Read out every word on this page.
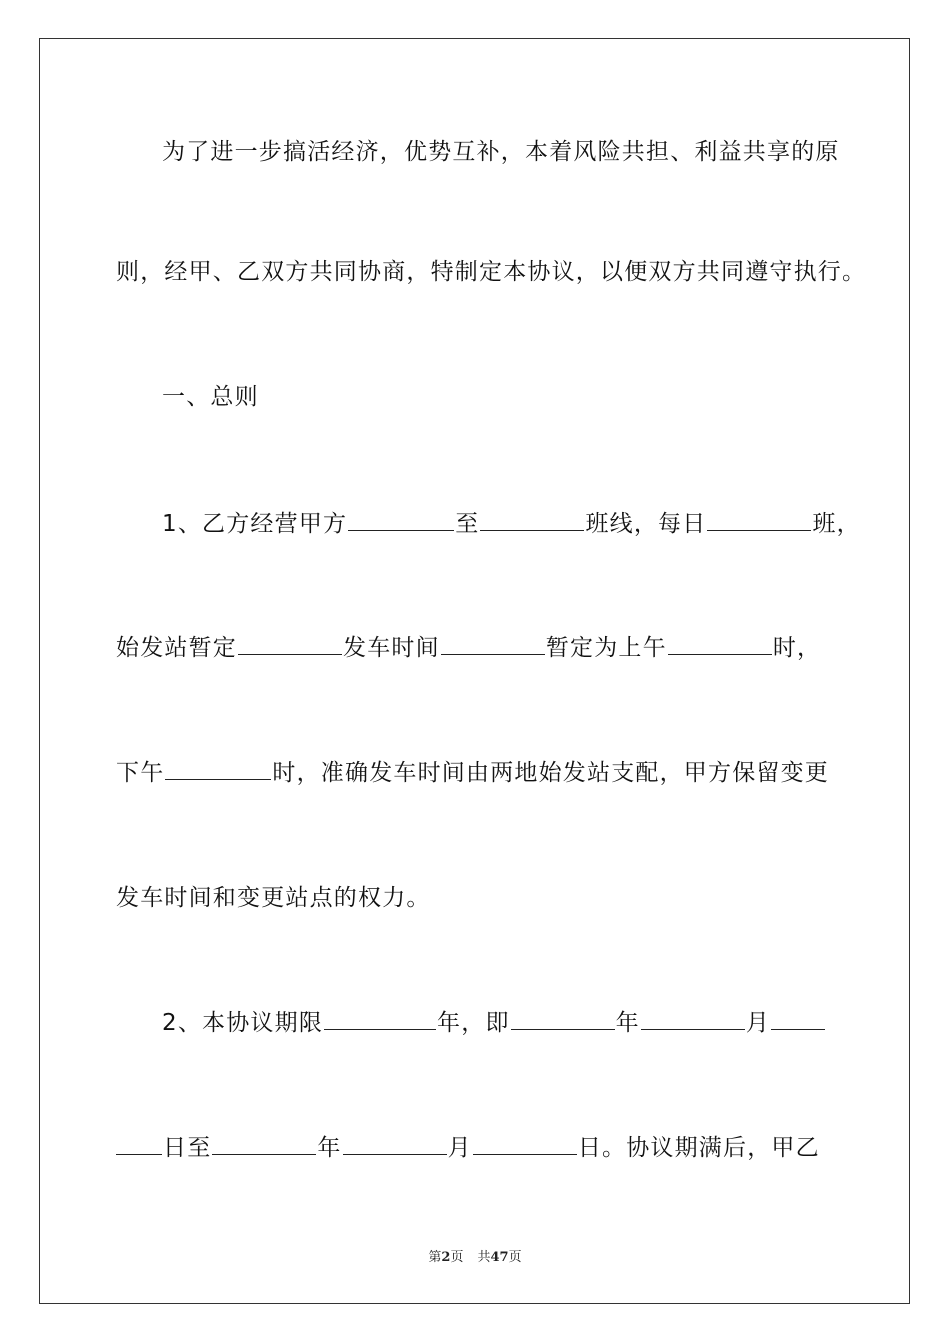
为了进一步搞活经济，优势互补，本着风险共担、利益共享的原
则，经甲、乙双方共同协商，特制定本协议，以便双方共同遵守执行。
一、总则
1、乙方经营甲方	至	班线，每日	班，
始发站暂定	发车时间	暂定为上午	时，
下午	时，准确发车时间由两地始发站支配，甲方保留变更
发车时间和变更站点的权力。
2、本协议期限	年，即	年	月
日至	年	月	日。协议期满后，甲乙
第2页 共47页
